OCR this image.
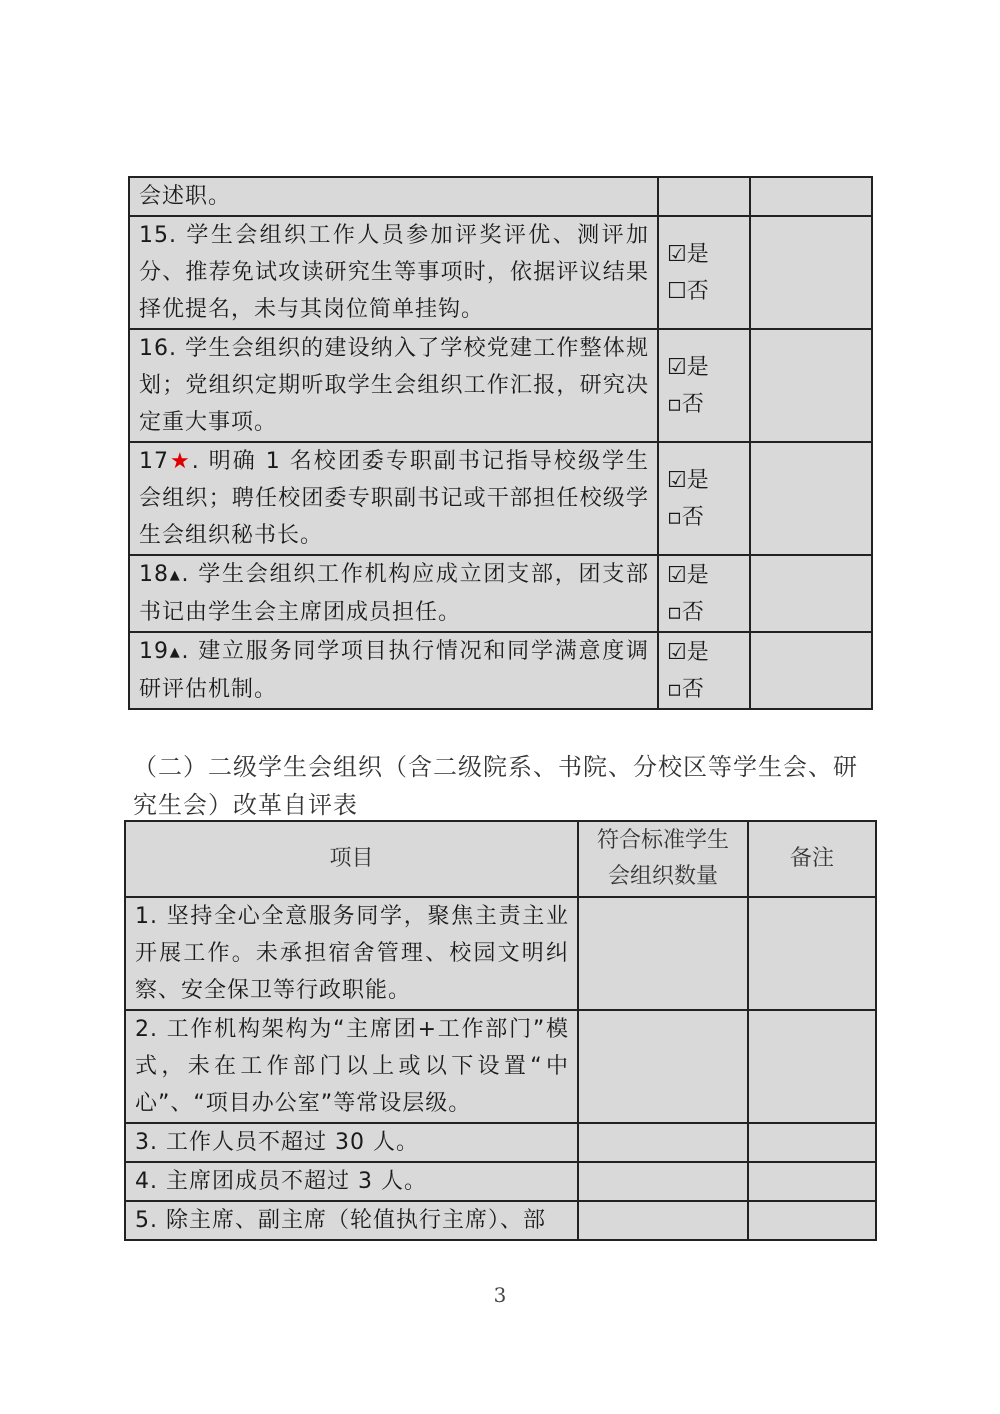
会述职。		
15. 学生会组织工作人员参加评奖评优、测评加分、推荐免试攻读研究生等事项时，依据评议结果择优提名，未与其岗位简单挂钩。	☑是
☐否	

16. 学生会组织的建设纳入了学校党建工作整体规划；党组织定期听取学生会组织工作汇报，研究决定重大事项。	☑是
▫否	

17★. 明确 1 名校团委专职副书记指导校级学生会组织；聘任校团委专职副书记或干部担任校级学生会组织秘书长。	☑是
▫否	

18▲. 学生会组织工作机构应成立团支部，团支部书记由学生会主席团成员担任。	☑是
▫否	

19▲. 建立服务同学项目执行情况和同学满意度调研评估机制。	☑是
▫否	

（二）二级学生会组织（含二级院系、书院、分校区等学生会、研究生会）改革自评表
项目	符合标准学生会组织数量	备注
1. 坚持全心全意服务同学，聚焦主责主业开展工作。未承担宿舍管理、校园文明纠察、安全保卫等行政职能。		
2. 工作机构架构为“主席团+工作部门”模式，未在工作部门以上或以下设置“中心”、“项目办公室”等常设层级。		
3. 工作人员不超过 30 人。		
4. 主席团成员不超过 3 人。		
5. 除主席、副主席（轮值执行主席）、部		
3
